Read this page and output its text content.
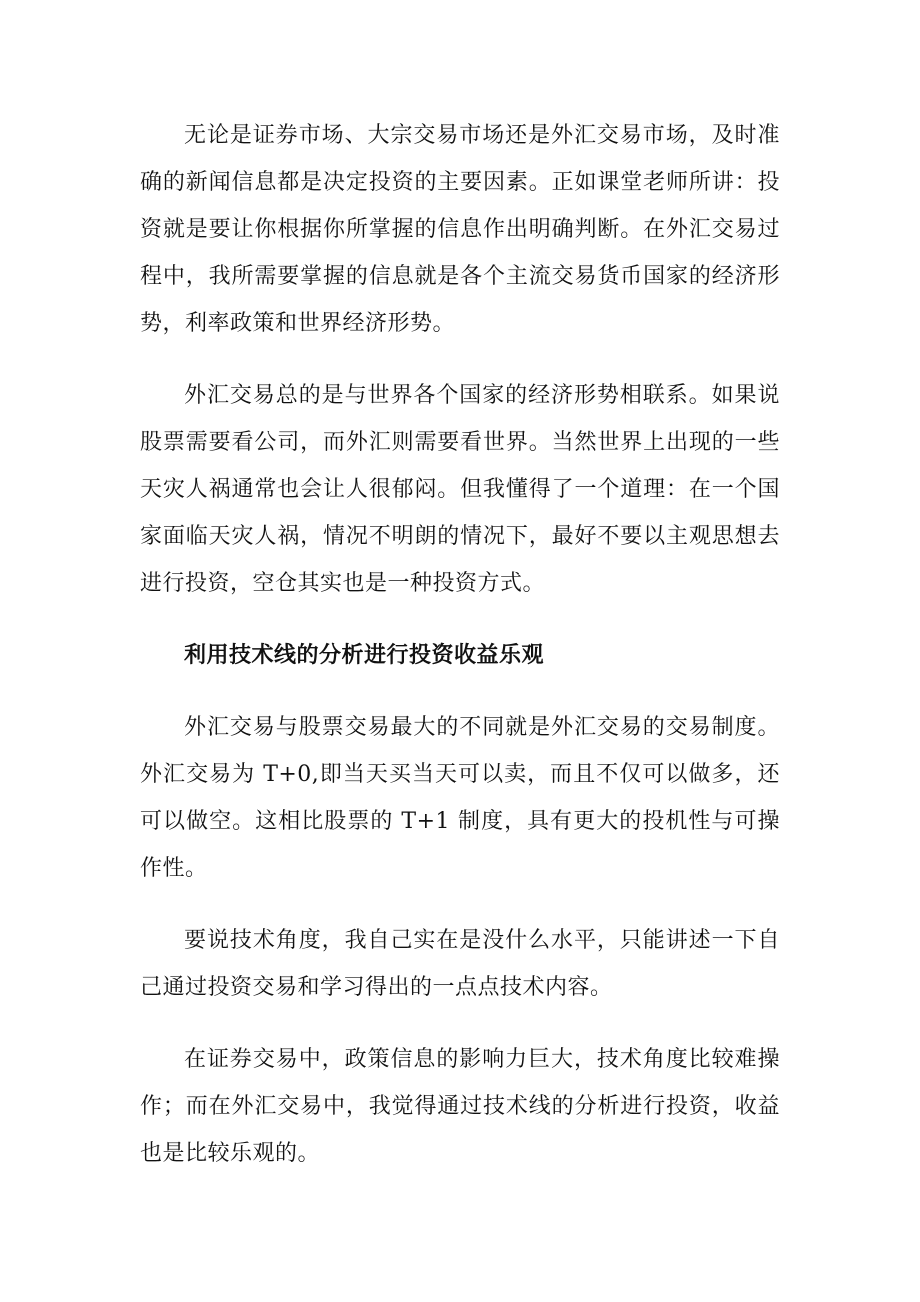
无论是证券市场、大宗交易市场还是外汇交易市场，及时准确的新闻信息都是决定投资的主要因素。正如课堂老师所讲：投资就是要让你根据你所掌握的信息作出明确判断。在外汇交易过程中，我所需要掌握的信息就是各个主流交易货币国家的经济形势，利率政策和世界经济形势。

外汇交易总的是与世界各个国家的经济形势相联系。如果说股票需要看公司，而外汇则需要看世界。当然世界上出现的一些天灾人祸通常也会让人很郁闷。但我懂得了一个道理：在一个国家面临天灾人祸，情况不明朗的情况下，最好不要以主观思想去进行投资，空仓其实也是一种投资方式。

利用技术线的分析进行投资收益乐观

外汇交易与股票交易最大的不同就是外汇交易的交易制度。外汇交易为 T+0,即当天买当天可以卖，而且不仅可以做多，还可以做空。这相比股票的 T+1 制度，具有更大的投机性与可操作性。

要说技术角度，我自己实在是没什么水平，只能讲述一下自己通过投资交易和学习得出的一点点技术内容。

在证券交易中，政策信息的影响力巨大，技术角度比较难操作；而在外汇交易中，我觉得通过技术线的分析进行投资，收益也是比较乐观的。
